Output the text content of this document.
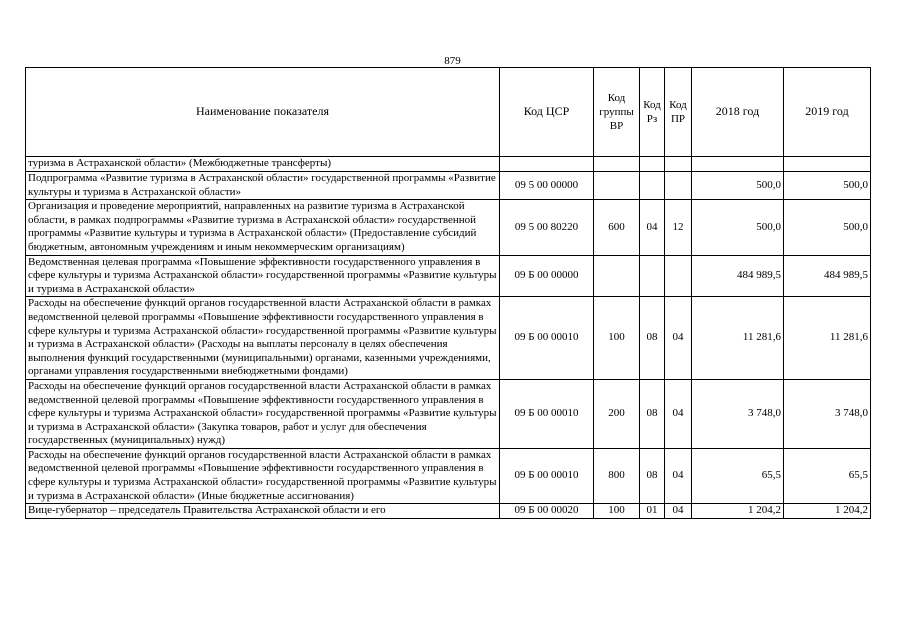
879
Наименование показателя	Код ЦСР	Код группы ВР	Код Рз	Код ПР	2018 год	2019 год
туризма в Астраханской области» (Межбюджетные трансферты)						
Подпрограмма «Развитие туризма в Астраханской области» государственной программы «Развитие культуры и туризма в Астраханской области»	09 5 00 00000				500,0	500,0
Организация и проведение мероприятий, направленных на развитие туризма в Астраханской области, в рамках подпрограммы «Развитие туризма в Астраханской области» государственной программы «Развитие культуры и туризма в Астраханской области» (Предоставление субсидий бюджетным, автономным учреждениям и иным некоммерческим организациям)	09 5 00 80220	600	04	12	500,0	500,0
Ведомственная целевая программа «Повышение эффективности государственного управления в сфере культуры и туризма Астраханской области» государственной программы «Развитие культуры и туризма в Астраханской области»	09 Б 00 00000				484 989,5	484 989,5
Расходы на обеспечение функций органов государственной власти Астраханской области в рамках ведомственной целевой программы «Повышение эффективности государственного управления в сфере культуры и туризма Астраханской области» государственной программы «Развитие культуры и туризма в Астраханской области» (Расходы на выплаты персоналу в целях обеспечения выполнения функций государственными (муниципальными) органами, казенными учреждениями, органами управления государственными внебюджетными фондами)	09 Б 00 00010	100	08	04	11 281,6	11 281,6
Расходы на обеспечение функций органов государственной власти Астраханской области в рамках ведомственной целевой программы «Повышение эффективности государственного управления в сфере культуры и туризма Астраханской области» государственной программы «Развитие культуры и туризма в Астраханской области» (Закупка товаров, работ и услуг для обеспечения государственных (муниципальных) нужд)	09 Б 00 00010	200	08	04	3 748,0	3 748,0
Расходы на обеспечение функций органов государственной власти Астраханской области в рамках ведомственной целевой программы «Повышение эффективности государственного управления в сфере культуры и туризма Астраханской области» государственной программы «Развитие культуры и туризма в Астраханской области» (Иные бюджетные ассигнования)	09 Б 00 00010	800	08	04	65,5	65,5
Вице-губернатор – председатель Правительства Астраханской области и его	09 Б 00 00020	100	01	04	1 204,2	1 204,2
